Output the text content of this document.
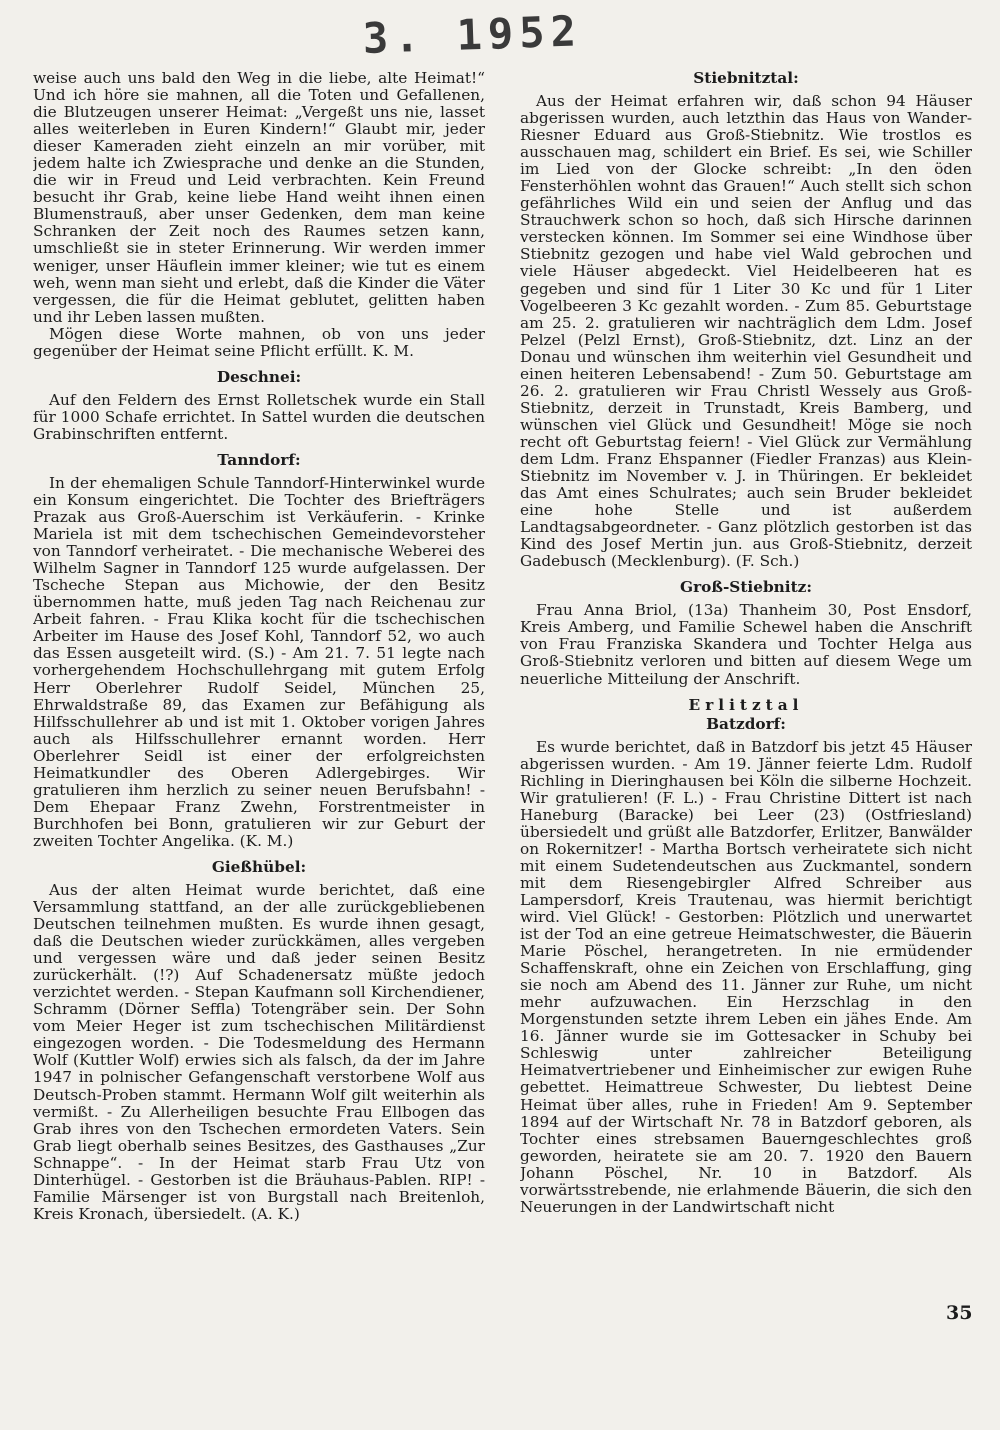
3. 1952

weise auch uns bald den Weg in die liebe, alte Heimat!“ Und ich höre sie mahnen, all die Toten und Gefallenen, die Blutzeugen unserer Heimat: „Vergeßt uns nie, lasset alles weiterleben in Euren Kindern!“ Glaubt mir, jeder dieser Kameraden zieht einzeln an mir vorüber, mit jedem halte ich Zwiesprache und denke an die Stunden, die wir in Freud und Leid verbrachten. Kein Freund besucht ihr Grab, keine liebe Hand weiht ihnen einen Blumenstrauß, aber unser Gedenken, dem man keine Schranken der Zeit noch des Raumes setzen kann, umschließt sie in steter Erinnerung. Wir werden immer weniger, unser Häuflein immer kleiner; wie tut es einem weh, wenn man sieht und erlebt, daß die Kinder die Väter vergessen, die für die Heimat geblutet, gelitten haben und ihr Leben lassen mußten.

Mögen diese Worte mahnen, ob von uns jeder gegenüber der Heimat seine Pflicht erfüllt. K. M.

Deschnei:

Auf den Feldern des Ernst Rolletschek wurde ein Stall für 1000 Schafe errichtet. In Sattel wurden die deutschen Grabinschriften entfernt.

Tanndorf:

In der ehemaligen Schule Tanndorf-Hinterwinkel wurde ein Konsum eingerichtet. Die Tochter des Briefträgers Prazak aus Groß-Auerschim ist Verkäuferin. - Krinke Mariela ist mit dem tschechischen Gemeindevorsteher von Tanndorf verheiratet. - Die mechanische Weberei des Wilhelm Sagner in Tanndorf 125 wurde aufgelassen. Der Tscheche Stepan aus Michowie, der den Besitz übernommen hatte, muß jeden Tag nach Reichenau zur Arbeit fahren. - Frau Klika kocht für die tschechischen Arbeiter im Hause des Josef Kohl, Tanndorf 52, wo auch das Essen ausgeteilt wird. (S.) - Am 21. 7. 51 legte nach vorhergehendem Hochschullehrgang mit gutem Erfolg Herr Oberlehrer Rudolf Seidel, München 25, Ehrwaldstraße 89, das Examen zur Befähigung als Hilfsschullehrer ab und ist mit 1. Oktober vorigen Jahres auch als Hilfsschullehrer ernannt worden. Herr Oberlehrer Seidl ist einer der erfolgreichsten Heimatkundler des Oberen Adlergebirges. Wir gratulieren ihm herzlich zu seiner neuen Berufsbahn! - Dem Ehepaar Franz Zwehn, Forstrentmeister in Burchhofen bei Bonn, gratulieren wir zur Geburt der zweiten Tochter Angelika. (K. M.)

Gießhübel:

Aus der alten Heimat wurde berichtet, daß eine Versammlung stattfand, an der alle zurückgebliebenen Deutschen teilnehmen mußten. Es wurde ihnen gesagt, daß die Deutschen wieder zurückkämen, alles vergeben und vergessen wäre und daß jeder seinen Besitz zurückerhält. (!?) Auf Schadenersatz müßte jedoch verzichtet werden. - Stepan Kaufmann soll Kirchendiener, Schramm (Dörner Seffla) Totengräber sein. Der Sohn vom Meier Heger ist zum tschechischen Militärdienst eingezogen worden. - Die Todesmeldung des Hermann Wolf (Kuttler Wolf) erwies sich als falsch, da der im Jahre 1947 in polnischer Gefangenschaft verstorbene Wolf aus Deutsch-Proben stammt. Hermann Wolf gilt weiterhin als vermißt. - Zu Allerheiligen besuchte Frau Ellbogen das Grab ihres von den Tschechen ermordeten Vaters. Sein Grab liegt oberhalb seines Besitzes, des Gasthauses „Zur Schnappe“. - In der Heimat starb Frau Utz von Dinterhügel. - Gestorben ist die Bräuhaus-Pablen. RIP! - Familie Märsenger ist von Burgstall nach Breitenloh, Kreis Kronach, übersiedelt. (A. K.)

Stiebnitztal:

Aus der Heimat erfahren wir, daß schon 94 Häuser abgerissen wurden, auch letzthin das Haus von Wander-Riesner Eduard aus Groß-Stiebnitz. Wie trostlos es ausschauen mag, schildert ein Brief. Es sei, wie Schiller im Lied von der Glocke schreibt: „In den öden Fensterhöhlen wohnt das Grauen!“ Auch stellt sich schon gefährliches Wild ein und seien der Anflug und das Strauchwerk schon so hoch, daß sich Hirsche darinnen verstecken können. Im Sommer sei eine Windhose über Stiebnitz gezogen und habe viel Wald gebrochen und viele Häuser abgedeckt. Viel Heidelbeeren hat es gegeben und sind für 1 Liter 30 Kc und für 1 Liter Vogelbeeren 3 Kc gezahlt worden. - Zum 85. Geburtstage am 25. 2. gratulieren wir nachträglich dem Ldm. Josef Pelzel (Pelzl Ernst), Groß-Stiebnitz, dzt. Linz an der Donau und wünschen ihm weiterhin viel Gesundheit und einen heiteren Lebensabend! - Zum 50. Geburtstage am 26. 2. gratulieren wir Frau Christl Wessely aus Groß-Stiebnitz, derzeit in Trunstadt, Kreis Bamberg, und wünschen viel Glück und Gesundheit! Möge sie noch recht oft Geburtstag feiern! - Viel Glück zur Vermählung dem Ldm. Franz Ehspanner (Fiedler Franzas) aus Klein-Stiebnitz im November v. J. in Thüringen. Er bekleidet das Amt eines Schulrates; auch sein Bruder bekleidet eine hohe Stelle und ist außerdem Landtagsabgeordneter. - Ganz plötzlich gestorben ist das Kind des Josef Mertin jun. aus Groß-Stiebnitz, derzeit Gadebusch (Mecklenburg). (F. Sch.)

Groß-Stiebnitz:

Frau Anna Briol, (13a) Thanheim 30, Post Ensdorf, Kreis Amberg, und Familie Schewel haben die Anschrift von Frau Franziska Skandera und Tochter Helga aus Groß-Stiebnitz verloren und bitten auf diesem Wege um neuerliche Mitteilung der Anschrift.

Erlitztal
Batzdorf:

Es wurde berichtet, daß in Batzdorf bis jetzt 45 Häuser abgerissen wurden. - Am 19. Jänner feierte Ldm. Rudolf Richling in Dieringhausen bei Köln die silberne Hochzeit. Wir gratulieren! (F. L.) - Frau Christine Dittert ist nach Haneburg (Baracke) bei Leer (23) (Ostfriesland) übersiedelt und grüßt alle Batzdorfer, Erlitzer, Banwälder on Rokernitzer! - Martha Bortsch verheiratete sich nicht mit einem Sudetendeutschen aus Zuckmantel, sondern mit dem Riesengebirgler Alfred Schreiber aus Lampersdorf, Kreis Trautenau, was hiermit berichtigt wird. Viel Glück! - Gestorben: Plötzlich und unerwartet ist der Tod an eine getreue Heimatschwester, die Bäuerin Marie Pöschel, herangetreten. In nie ermüdender Schaffenskraft, ohne ein Zeichen von Erschlaffung, ging sie noch am Abend des 11. Jänner zur Ruhe, um nicht mehr aufzuwachen. Ein Herzschlag in den Morgenstunden setzte ihrem Leben ein jähes Ende. Am 16. Jänner wurde sie im Gottesacker in Schuby bei Schleswig unter zahlreicher Beteiligung Heimatvertriebener und Einheimischer zur ewigen Ruhe gebettet. Heimattreue Schwester, Du liebtest Deine Heimat über alles, ruhe in Frieden! Am 9. September 1894 auf der Wirtschaft Nr. 78 in Batzdorf geboren, als Tochter eines strebsamen Bauerngeschlechtes groß geworden, heiratete sie am 20. 7. 1920 den Bauern Johann Pöschel, Nr. 10 in Batzdorf. Als vorwärtsstrebende, nie erlahmende Bäuerin, die sich den Neuerungen in der Landwirtschaft nicht

35
